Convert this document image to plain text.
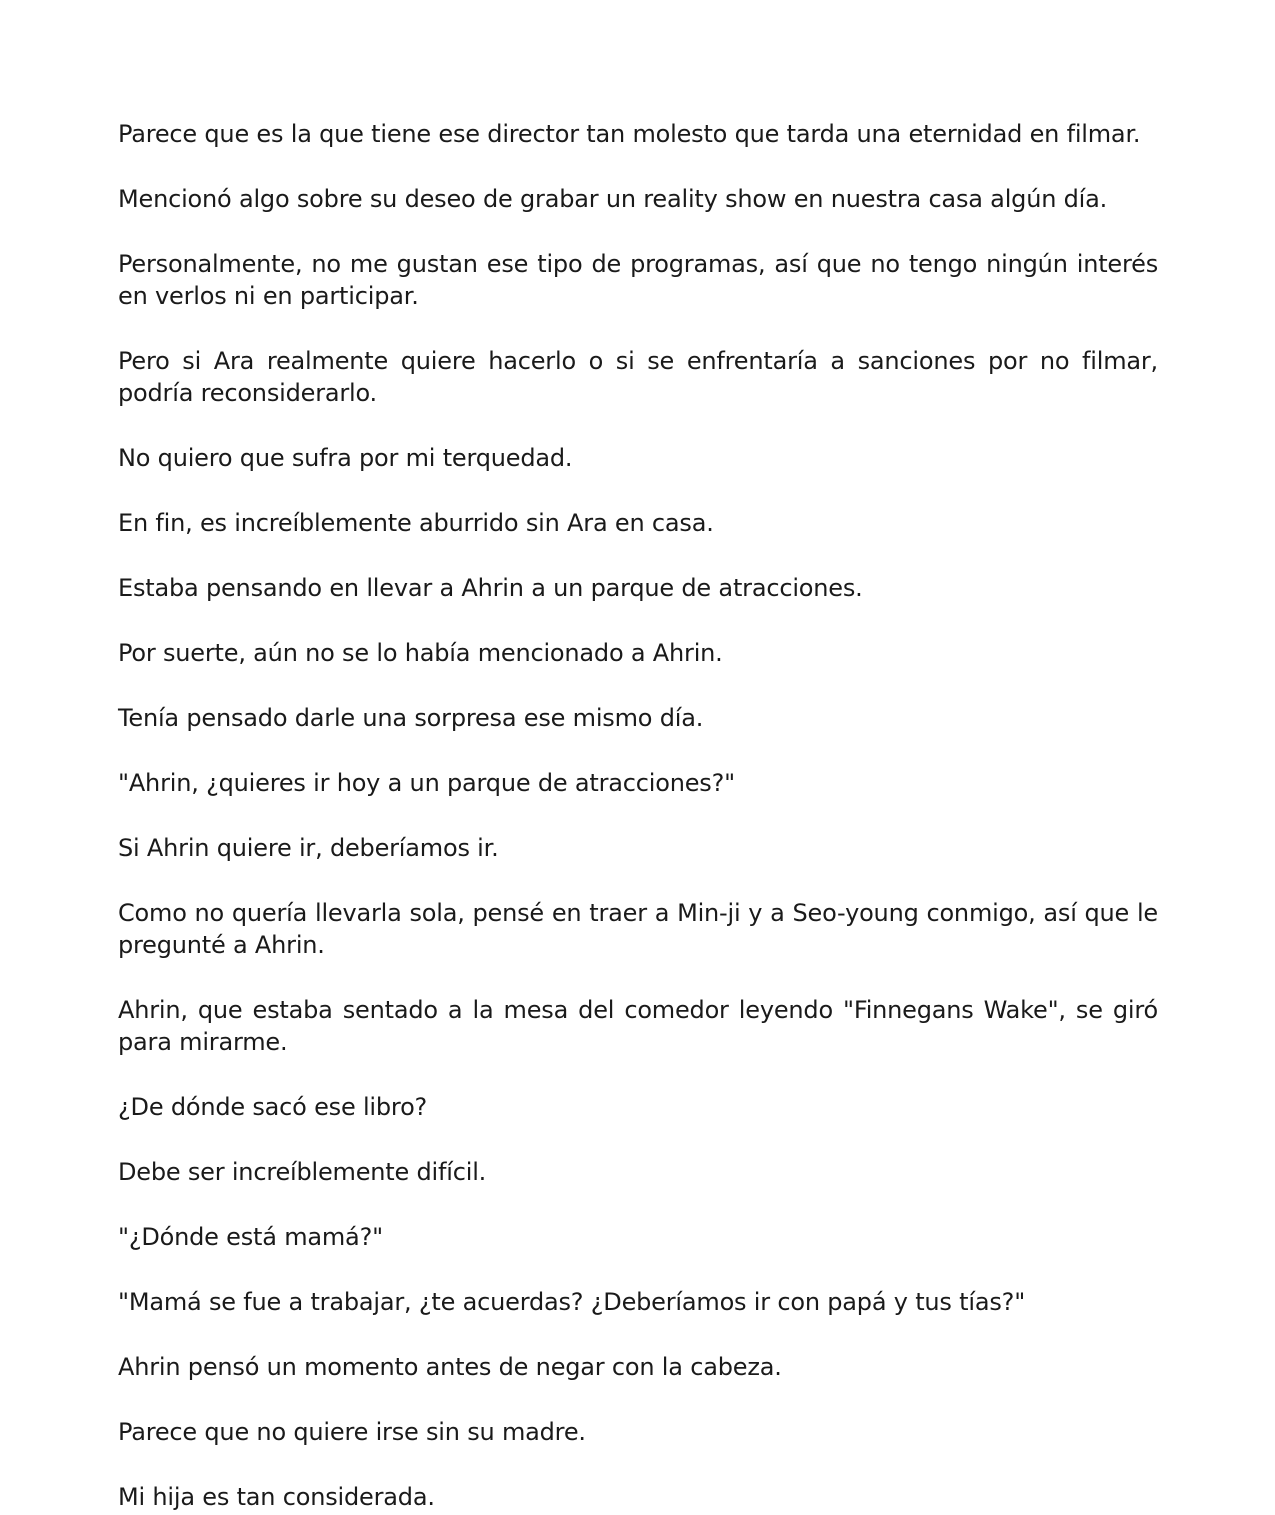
Parece que es la que tiene ese director tan molesto que tarda una eternidad en filmar.

Mencionó algo sobre su deseo de grabar un reality show en nuestra casa algún día.

Personalmente, no me gustan ese tipo de programas, así que no tengo ningún interés en verlos ni en participar.

Pero si Ara realmente quiere hacerlo o si se enfrentaría a sanciones por no filmar, podría reconsiderarlo.

No quiero que sufra por mi terquedad.

En fin, es increíblemente aburrido sin Ara en casa.

Estaba pensando en llevar a Ahrin a un parque de atracciones.

Por suerte, aún no se lo había mencionado a Ahrin.

Tenía pensado darle una sorpresa ese mismo día.

"Ahrin, ¿quieres ir hoy a un parque de atracciones?"

Si Ahrin quiere ir, deberíamos ir.

Como no quería llevarla sola, pensé en traer a Min-ji y a Seo-young conmigo, así que le pregunté a Ahrin.

Ahrin, que estaba sentado a la mesa del comedor leyendo "Finnegans Wake", se giró para mirarme.

¿De dónde sacó ese libro?

Debe ser increíblemente difícil.

"¿Dónde está mamá?"

"Mamá se fue a trabajar, ¿te acuerdas? ¿Deberíamos ir con papá y tus tías?"

Ahrin pensó un momento antes de negar con la cabeza.

Parece que no quiere irse sin su madre.

Mi hija es tan considerada.
